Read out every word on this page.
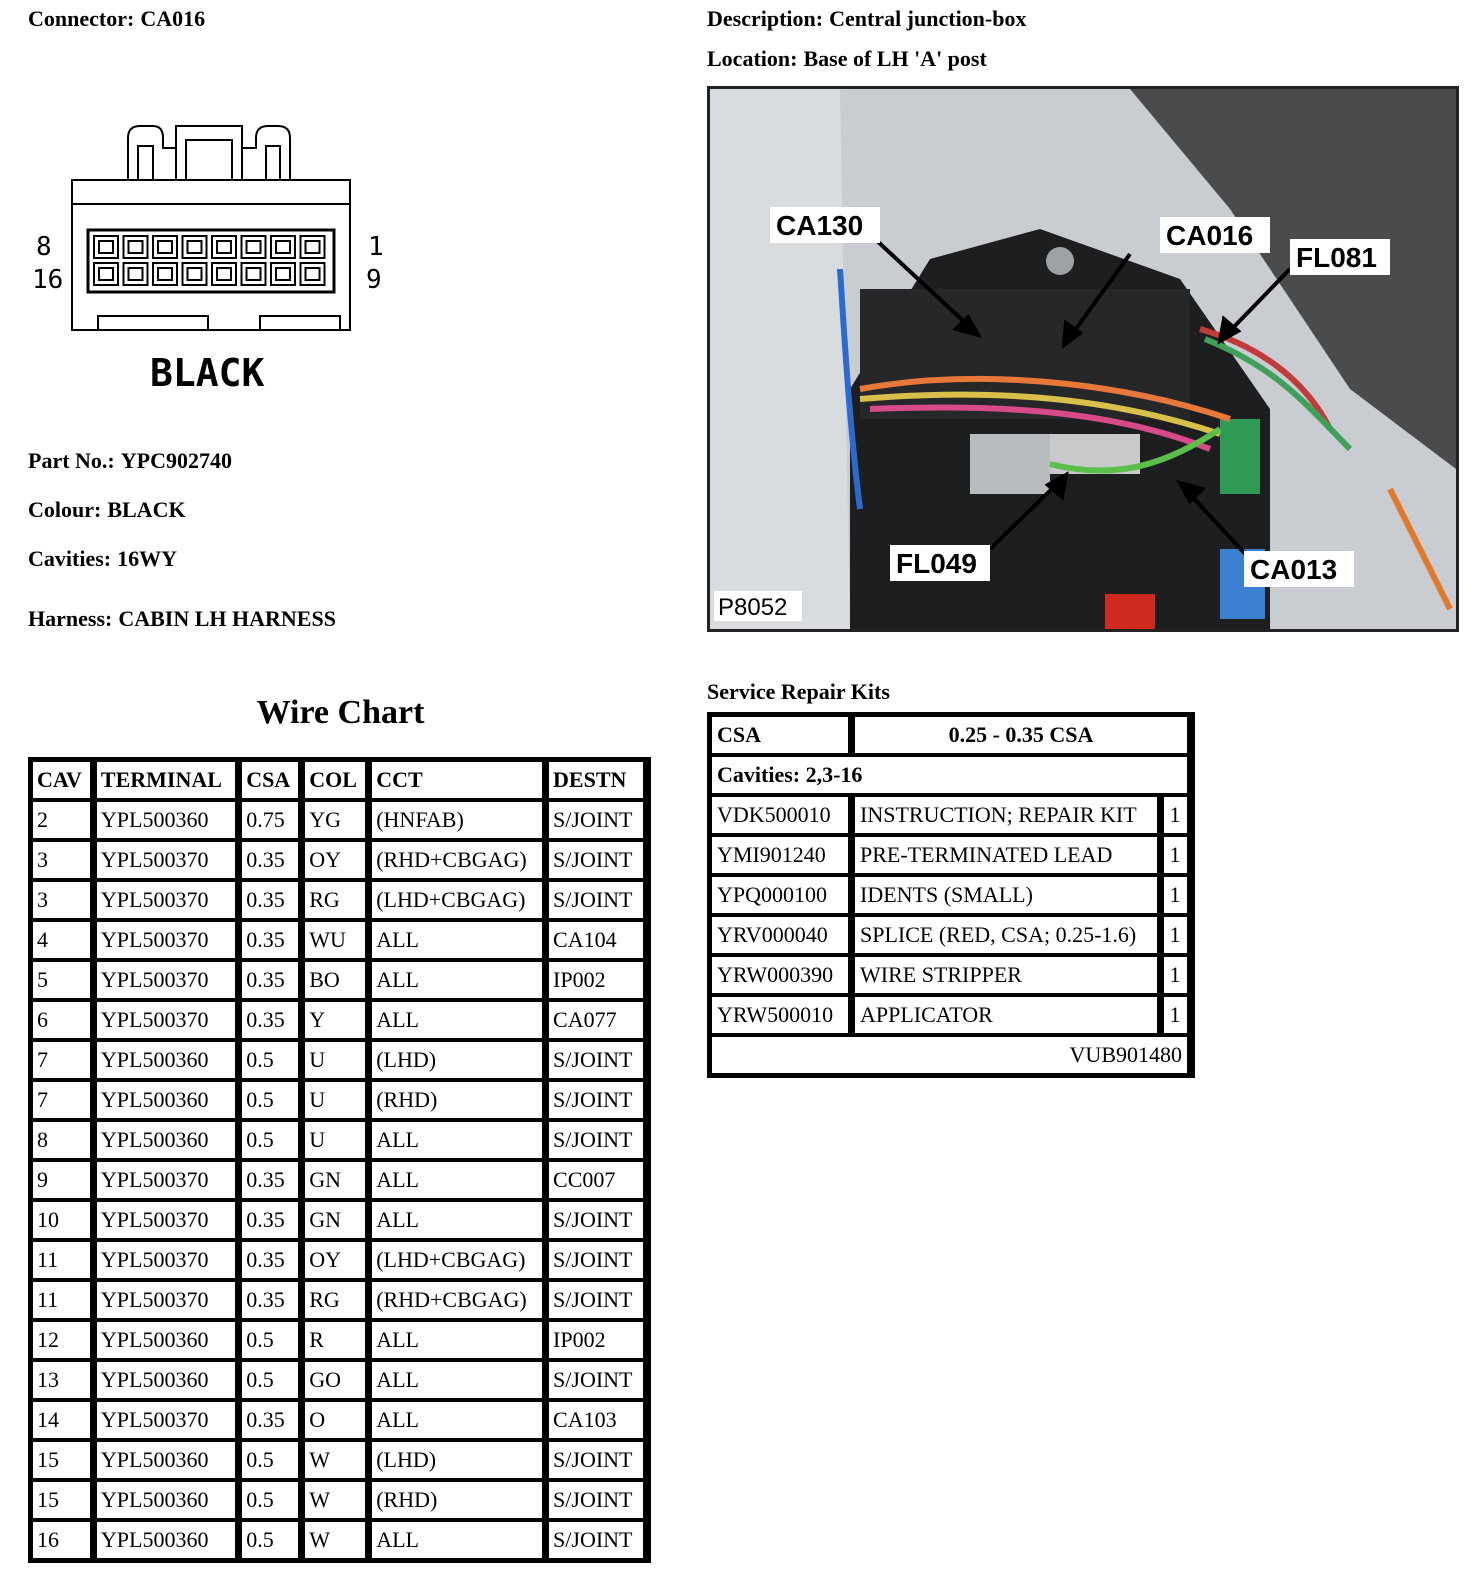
Connector: CA016	Description: Central junction-box
Location: Base of LH 'A' post
8
16
1
9
BLACK
Part No.: YPC902740
Colour: BLACK
Cavities: 16WY
Harness: CABIN LH HARNESS
CA130	CA016
FL081
FL049	CA013
P8052
Wire Chart
CAV	TERMINAL	CSA	COL	CCT	DESTN
2	YPL500360	0.75	YG	(HNFAB)	S/JOINT
3	YPL500370	0.35	OY	(RHD+CBGAG)	S/JOINT
3	YPL500370	0.35	RG	(LHD+CBGAG)	S/JOINT
4	YPL500370	0.35	WU	ALL	CA104
5	YPL500370	0.35	BO	ALL	IP002
6	YPL500370	0.35	Y	ALL	CA077
7	YPL500360	0.5	U	(LHD)	S/JOINT
7	YPL500360	0.5	U	(RHD)	S/JOINT
8	YPL500360	0.5	U	ALL	S/JOINT
9	YPL500370	0.35	GN	ALL	CC007
10	YPL500370	0.35	GN	ALL	S/JOINT
11	YPL500370	0.35	OY	(LHD+CBGAG)	S/JOINT
11	YPL500370	0.35	RG	(RHD+CBGAG)	S/JOINT
12	YPL500360	0.5	R	ALL	IP002
13	YPL500360	0.5	GO	ALL	S/JOINT
14	YPL500370	0.35	O	ALL	CA103
15	YPL500360	0.5	W	(LHD)	S/JOINT
15	YPL500360	0.5	W	(RHD)	S/JOINT
16	YPL500360	0.5	W	ALL	S/JOINT
Service Repair Kits
CSA	0.25 - 0.35 CSA	
Cavities: 2,3-16		
VDK500010	INSTRUCTION; REPAIR KIT	1
YMI901240	PRE-TERMINATED LEAD	1
YPQ000100	IDENTS (SMALL)	1
YRV000040	SPLICE (RED, CSA; 0.25-1.6)	1
YRW000390	WIRE STRIPPER	1
YRW500010	APPLICATOR	1
VUB901480		
